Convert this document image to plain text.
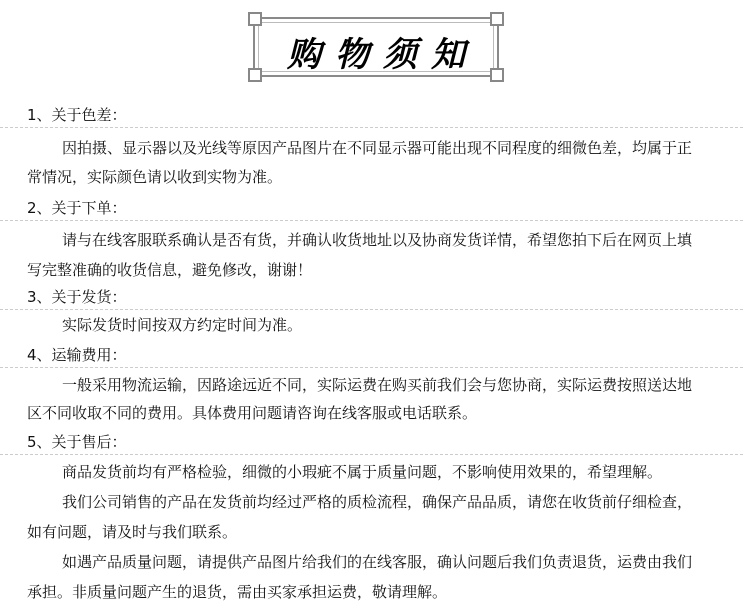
购物须知
1、关于色差：
因拍摄、显示器以及光线等原因产品图片在不同显示器可能出现不同程度的细微色差，均属于正
常情况，实际颜色请以收到实物为准。
2、关于下单：
请与在线客服联系确认是否有货，并确认收货地址以及协商发货详情，希望您拍下后在网页上填
写完整准确的收货信息，避免修改，谢谢！
3、关于发货：
实际发货时间按双方约定时间为准。
4、运输费用：
一般采用物流运输，因路途远近不同，实际运费在购买前我们会与您协商，实际运费按照送达地
区不同收取不同的费用。具体费用问题请咨询在线客服或电话联系。
5、关于售后：
商品发货前均有严格检验，细微的小瑕疵不属于质量问题，不影响使用效果的，希望理解。
我们公司销售的产品在发货前均经过严格的质检流程，确保产品品质，请您在收货前仔细检查，
如有问题，请及时与我们联系。
如遇产品质量问题，请提供产品图片给我们的在线客服，确认问题后我们负责退货，运费由我们
承担。非质量问题产生的退货，需由买家承担运费，敬请理解。
